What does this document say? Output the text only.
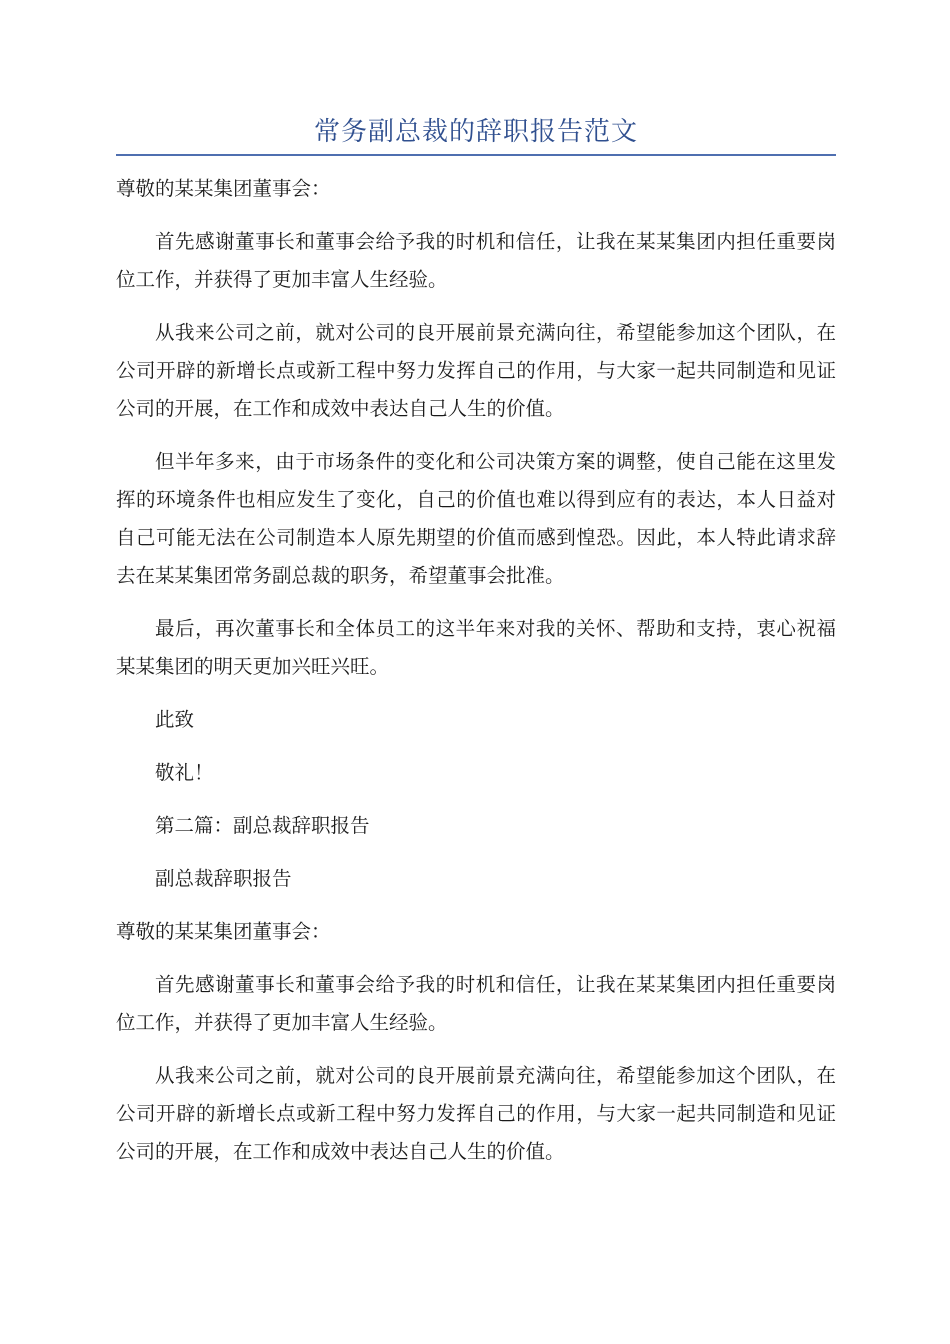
常务副总裁的辞职报告范文

尊敬的某某集团董事会：

首先感谢董事长和董事会给予我的时机和信任，让我在某某集团内担任重要岗位工作，并获得了更加丰富人生经验。

从我来公司之前，就对公司的良开展前景充满向往，希望能参加这个团队，在公司开辟的新增长点或新工程中努力发挥自己的作用，与大家一起共同制造和见证公司的开展，在工作和成效中表达自己人生的价值。

但半年多来，由于市场条件的变化和公司决策方案的调整，使自己能在这里发挥的环境条件也相应发生了变化，自己的价值也难以得到应有的表达，本人日益对自己可能无法在公司制造本人原先期望的价值而感到惶恐。因此，本人特此请求辞去在某某集团常务副总裁的职务，希望董事会批准。

最后，再次董事长和全体员工的这半年来对我的关怀、帮助和支持，衷心祝福某某集团的明天更加兴旺兴旺。

此致

敬礼！

第二篇：副总裁辞职报告

副总裁辞职报告

尊敬的某某集团董事会：

首先感谢董事长和董事会给予我的时机和信任，让我在某某集团内担任重要岗位工作，并获得了更加丰富人生经验。

从我来公司之前，就对公司的良开展前景充满向往，希望能参加这个团队，在公司开辟的新增长点或新工程中努力发挥自己的作用，与大家一起共同制造和见证公司的开展，在工作和成效中表达自己人生的价值。
